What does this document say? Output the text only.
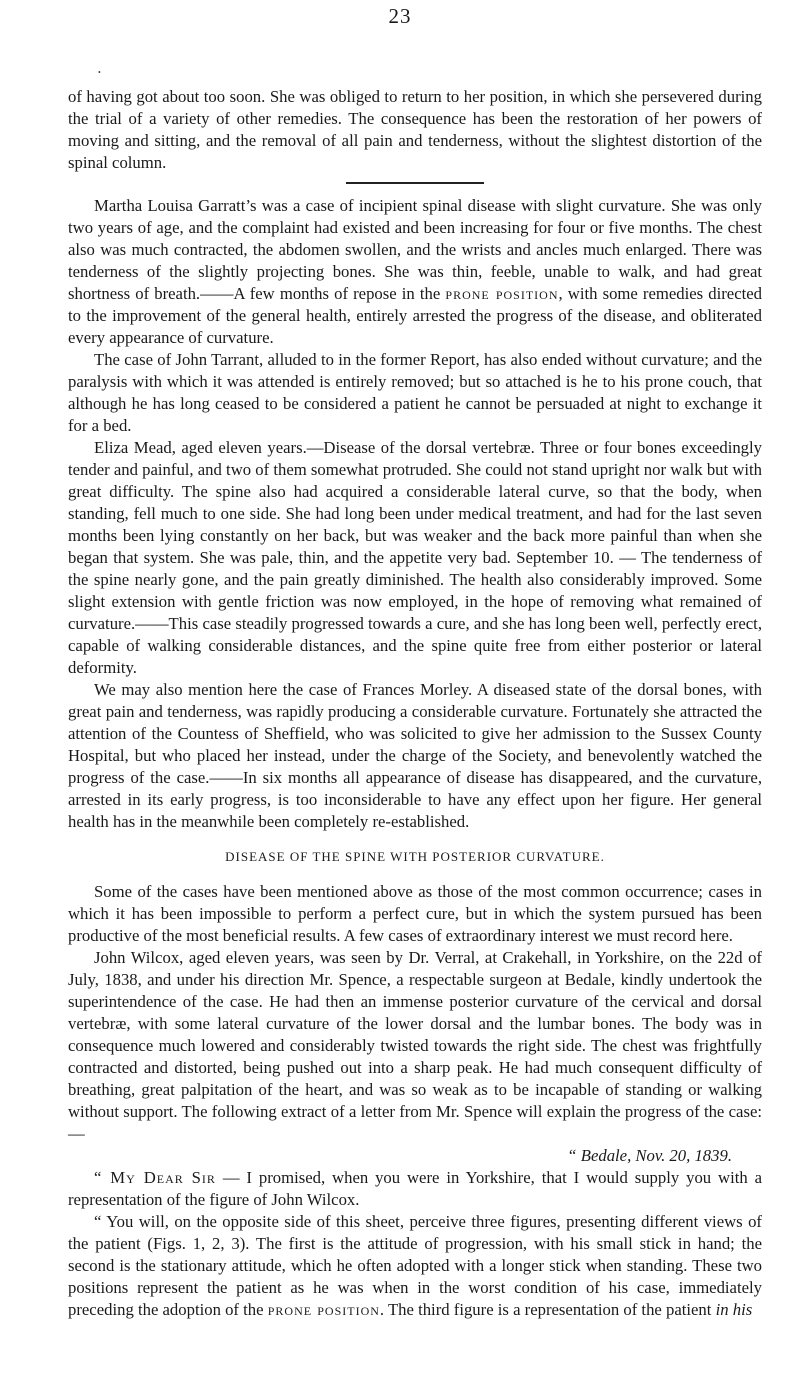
23
•

of having got about too soon. She was obliged to return to her position, in which she persevered during the trial of a variety of other remedies. The consequence has been the restoration of her powers of moving and sitting, and the removal of all pain and tenderness, without the slightest distortion of the spinal column.

Martha Louisa Garratt’s was a case of incipient spinal disease with slight curvature. She was only two years of age, and the complaint had existed and been increasing for four or five months. The chest also was much contracted, the abdomen swollen, and the wrists and ancles much enlarged. There was tenderness of the slightly projecting bones. She was thin, feeble, unable to walk, and had great shortness of breath.——A few months of repose in the prone position, with some remedies directed to the improvement of the general health, entirely arrested the progress of the disease, and obliterated every appearance of curvature.

The case of John Tarrant, alluded to in the former Report, has also ended without curvature; and the paralysis with which it was attended is entirely removed; but so attached is he to his prone couch, that although he has long ceased to be considered a patient he cannot be persuaded at night to exchange it for a bed.

Eliza Mead, aged eleven years.—Disease of the dorsal vertebræ. Three or four bones exceedingly tender and painful, and two of them somewhat protruded. She could not stand upright nor walk but with great difficulty. The spine also had acquired a considerable lateral curve, so that the body, when standing, fell much to one side. She had long been under medical treatment, and had for the last seven months been lying constantly on her back, but was weaker and the back more painful than when she began that system. She was pale, thin, and the appetite very bad. September 10. — The tenderness of the spine nearly gone, and the pain greatly diminished. The health also considerably improved. Some slight extension with gentle friction was now employed, in the hope of removing what remained of curvature.——This case steadily progressed towards a cure, and she has long been well, perfectly erect, capable of walking considerable distances, and the spine quite free from either posterior or lateral deformity.

We may also mention here the case of Frances Morley. A diseased state of the dorsal bones, with great pain and tenderness, was rapidly producing a considerable curvature. Fortunately she attracted the attention of the Countess of Sheffield, who was solicited to give her admission to the Sussex County Hospital, but who placed her instead, under the charge of the Society, and benevolently watched the progress of the case.——In six months all appearance of disease has disappeared, and the curvature, arrested in its early progress, is too inconsiderable to have any effect upon her figure. Her general health has in the meanwhile been completely re-established.

DISEASE OF THE SPINE WITH POSTERIOR CURVATURE.

Some of the cases have been mentioned above as those of the most common occurrence; cases in which it has been impossible to perform a perfect cure, but in which the system pursued has been productive of the most beneficial results. A few cases of extraordinary interest we must record here.

John Wilcox, aged eleven years, was seen by Dr. Verral, at Crakehall, in Yorkshire, on the 22d of July, 1838, and under his direction Mr. Spence, a respectable surgeon at Bedale, kindly undertook the superintendence of the case. He had then an immense posterior curvature of the cervical and dorsal vertebræ, with some lateral curvature of the lower dorsal and the lumbar bones. The body was in consequence much lowered and considerably twisted towards the right side. The chest was frightfully contracted and distorted, being pushed out into a sharp peak. He had much consequent difficulty of breathing, great palpitation of the heart, and was so weak as to be incapable of standing or walking without support. The following extract of a letter from Mr. Spence will explain the progress of the case: —

“ Bedale, Nov. 20, 1839.

“ My Dear Sir — I promised, when you were in Yorkshire, that I would supply you with a representation of the figure of John Wilcox.

“ You will, on the opposite side of this sheet, perceive three figures, presenting different views of the patient (Figs. 1, 2, 3). The first is the attitude of progression, with his small stick in hand; the second is the stationary attitude, which he often adopted with a longer stick when standing. These two positions represent the patient as he was when in the worst condition of his case, immediately preceding the adoption of the prone position. The third figure is a representation of the patient in his
